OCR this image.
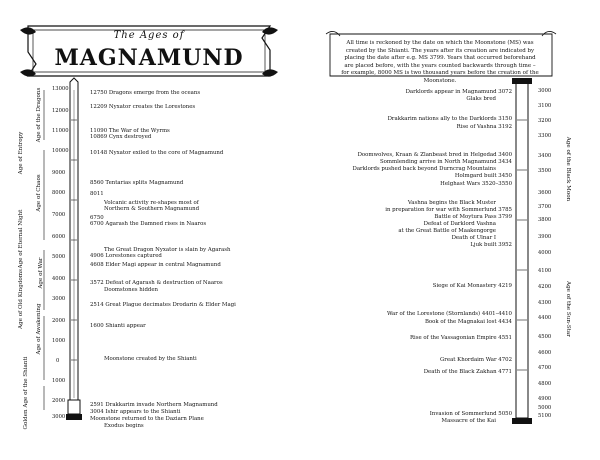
The Ages of
MAGNAMUND
13000
12000
11000
10000
9000
8000
7000
6000
5000
4000
3000
2000
1000
0
1000
2000
3000
Age of the Dragons
Age of Entropy
Age of Chaos
Age of Eternal Night
Age of War
Age of Old Kingdoms
Age of Awakening
Golden Age of the Shianti
12750 Dragons emerge from the oceans
12209 Nyxator creates the Lorestones
11090 The War of the Wyrms
10869 Cynx destroyed
10148 Nyxator exiled to the core of Magnamund
8560 Tentarias splits Magnamund
8011
Volcanic activity re-shapes most of
Northern & Southern Magnamund
6750
6700 Agarash the Damned rises in Naaros
The Great Dragon Nyxator is slain by Agarash
4906 Lorestones captured
4608 Elder Magi appear in central Magnamund
3572 Defeat of Agarash & destruction of Naaros
Doomstones hidden
2514 Great Plague decimates Drodarin & Elder Magi
1600 Shianti appear
Moonstone created by the Shianti
2591 Drakkarim invade Northern Magnamund
3004 Ishir appears to the Shianti
Moonstone returned to the Daziarn Plane
Exodus begins
All time is reckoned by the date on which the Moonstone (MS) was created by the Shianti. The years after its creation are indicated by placing the date after e.g. MS 3799. Years that occurred beforehand are placed before, with the years counted backwards through time – for example, 8000 MS is two thousand years before the creation of the Moonstone.
3000
3100
3200
3300
3400
3500
3600
3700
3800
3900
4000
4100
4200
4300
4400
4500
4600
4700
4800
4900
5000
5100
Age of the Black Moon
Age of the Sun-Star
Darklords appear in Magnamund 3072
Glaks bred
Drakkarim nations ally to the Darklords 3150
Rise of Vashna 3192
Doomwolves, Kraan & Zlanbeast bred in Helgedad 3400
Sommlending arrive in North Magnamund 3434
Darklords pushed back beyond Durncrag Mountains
Holmgard built 3450
Helghast Wars 3520–3550
Vashna begins the Black Muster
in preparation for war with Sommerlund 3785
Battle of Moytura Pass 3799
Defeat of Darklord Vashna
at the Great Battle of Maakengorge
Death of Ulnar I
Ljuk built 3952
Siege of Kai Monastery 4219
War of the Lorestone (Stornlands) 4401–4410
Book of the Magnakai lost 4434
Rise of the Vassagonian Empire 4551
Great Khordaim War 4702
Death of the Black Zakhan 4771
Invasion of Sommerlund 5050
Massacre of the Kai
